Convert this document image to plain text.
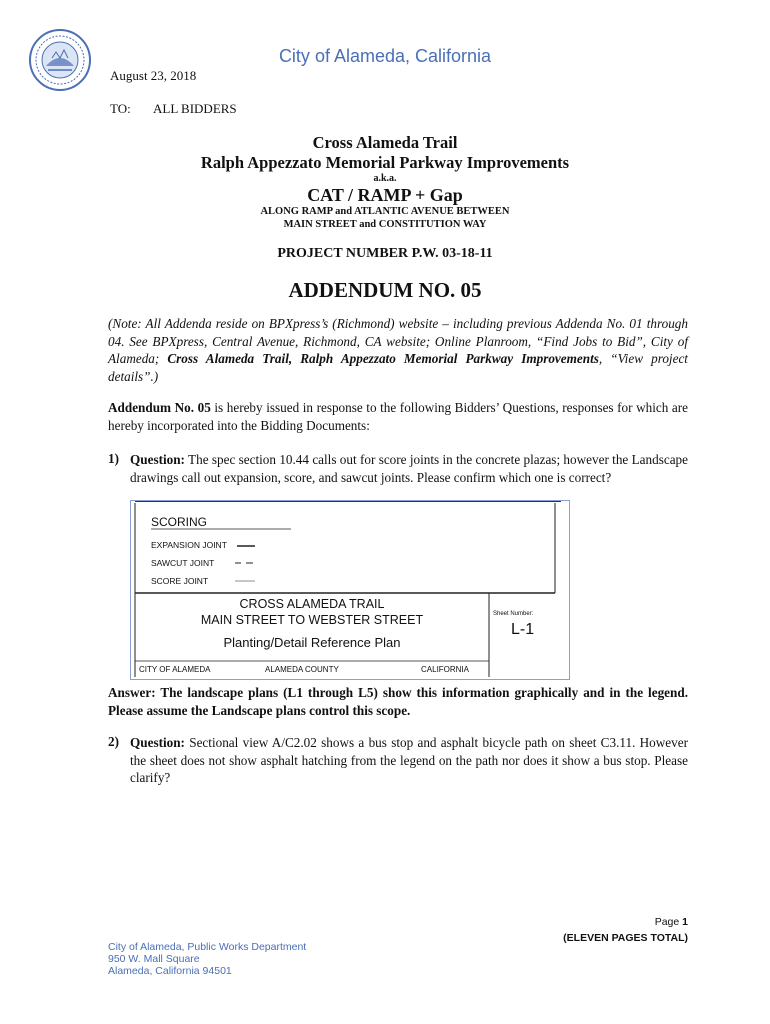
City of Alameda, California
August 23, 2018
TO: ALL BIDDERS
Cross Alameda Trail
Ralph Appezzato Memorial Parkway Improvements
a.k.a.
CAT / RAMP + Gap
ALONG RAMP and ATLANTIC AVENUE BETWEEN
MAIN STREET and CONSTITUTION WAY
PROJECT NUMBER P.W. 03-18-11
ADDENDUM NO. 05
(Note: All Addenda reside on BPXpress’s (Richmond) website – including previous Addenda No. 01 through 04. See BPXpress, Central Avenue, Richmond, CA website; Online Planroom, “Find Jobs to Bid”, City of Alameda; Cross Alameda Trail, Ralph Appezzato Memorial Parkway Improvements, “View project details”.)
Addendum No. 05 is hereby issued in response to the following Bidders’ Questions, responses for which are hereby incorporated into the Bidding Documents:
1) Question: The spec section 10.44 calls out for score joints in the concrete plazas; however the Landscape drawings call out expansion, score, and sawcut joints. Please confirm which one is correct?
SCORING
EXPANSION JOINT
SAWCUT JOINT
SCORE JOINT
CROSS ALAMEDA TRAIL
MAIN STREET TO WEBSTER STREET
Planting/Detail Reference Plan
CITY OF ALAMEDA	ALAMEDA COUNTY	CALIFORNIA
Sheet Number:
L-1
Answer: The landscape plans (L1 through L5) show this information graphically and in the legend. Please assume the Landscape plans control this scope.
2) Question: Sectional view A/C2.02 shows a bus stop and asphalt bicycle path on sheet C3.11. However the sheet does not show asphalt hatching from the legend on the path nor does it show a bus stop. Please clarify?
Page 1
(ELEVEN PAGES TOTAL)
City of Alameda, Public Works Department
950 W. Mall Square
Alameda, California 94501
